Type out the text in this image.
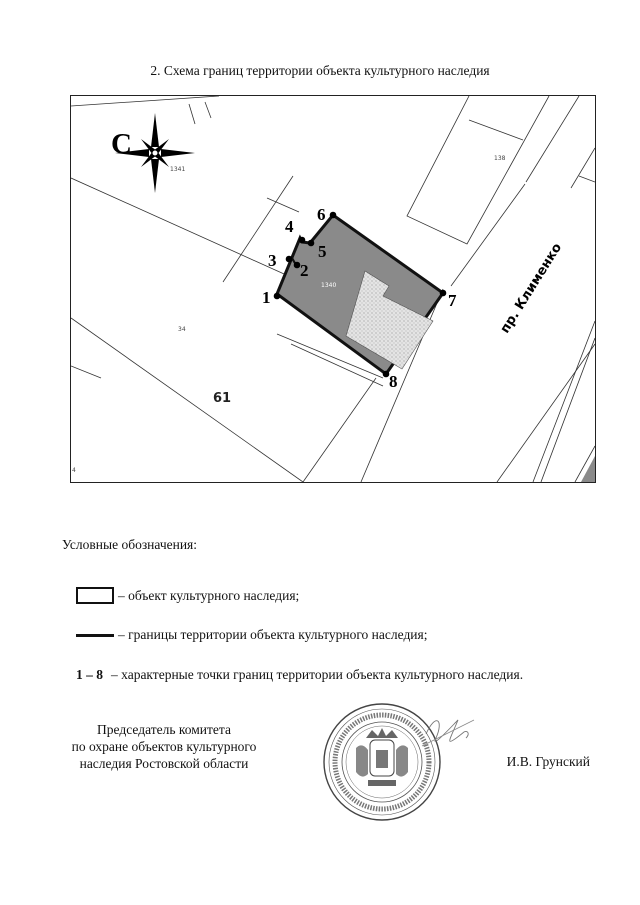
2. Схема границ территории объекта культурного наследия
1
2
3
4
5
6
7
8
1341
1340
138
34
4
61
пр. Клименко
С
Условные обозначения:
– объект культурного наследия;
– границы территории объекта культурного наследия;
1 – 8 – характерные точки границ территории объекта культурного наследия.
Председатель комитета
по охране объектов культурного
наследия Ростовской области	И.В. Грунский
